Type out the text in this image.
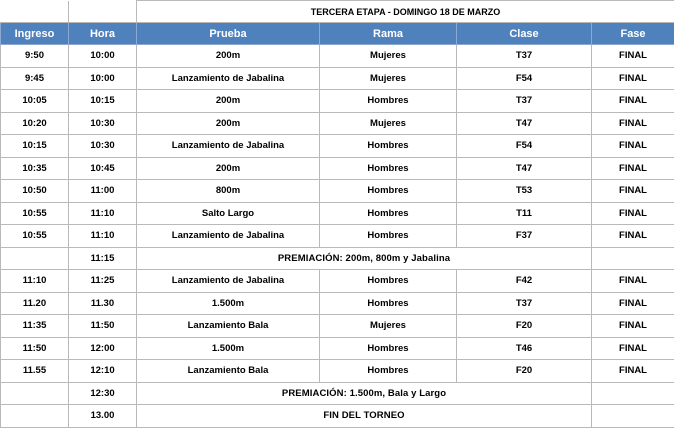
		TERCERA ETAPA - DOMINGO 18 DE MARZO			
Ingreso	Hora	Prueba	Rama	Clase	Fase
9:50	10:00	200m	Mujeres	T37	FINAL
9:45	10:00	Lanzamiento de Jabalina	Mujeres	F54	FINAL
10:05	10:15	200m	Hombres	T37	FINAL
10:20	10:30	200m	Mujeres	T47	FINAL
10:15	10:30	Lanzamiento de Jabalina	Hombres	F54	FINAL
10:35	10:45	200m	Hombres	T47	FINAL
10:50	11:00	800m	Hombres	T53	FINAL
10:55	11:10	Salto Largo	Hombres	T11	FINAL
10:55	11:10	Lanzamiento de Jabalina	Hombres	F37	FINAL
	11:15	PREMIACIÓN: 200m, 800m y Jabalina			
11:10	11:25	Lanzamiento de Jabalina	Hombres	F42	FINAL
11.20	11.30	1.500m	Hombres	T37	FINAL
11:35	11:50	Lanzamiento Bala	Mujeres	F20	FINAL
11:50	12:00	1.500m	Hombres	T46	FINAL
11.55	12:10	Lanzamiento Bala	Hombres	F20	FINAL
	12:30	PREMIACIÓN: 1.500m, Bala y Largo			
	13.00	FIN DEL TORNEO			
